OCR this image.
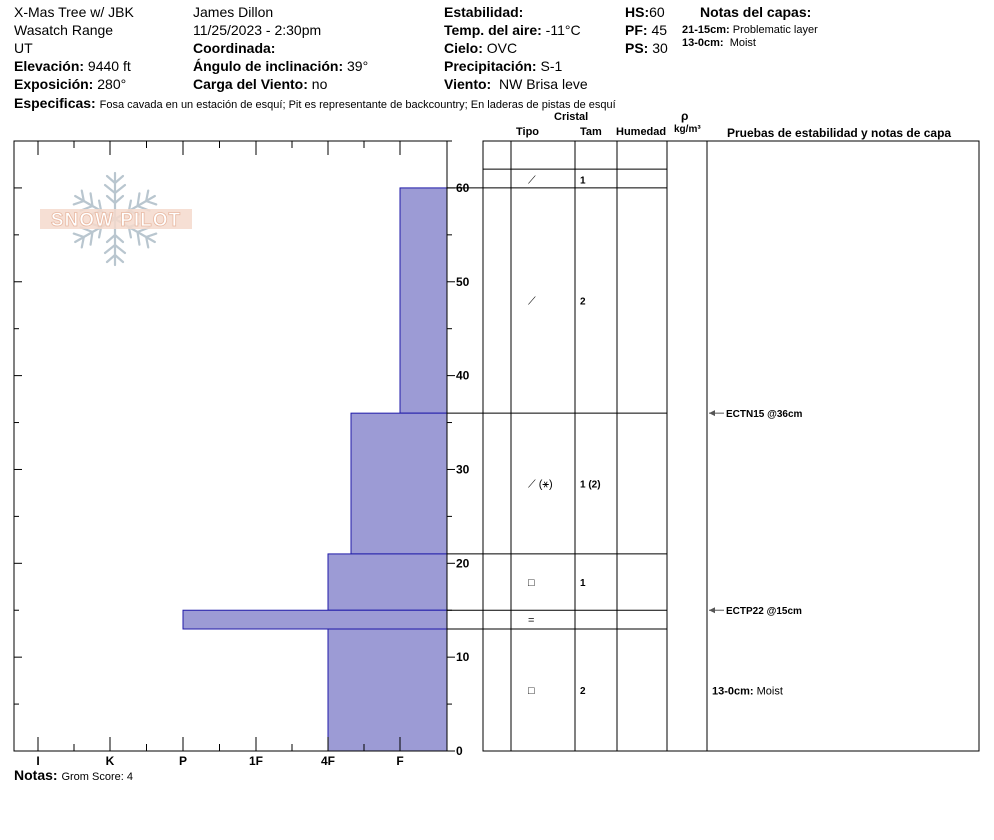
X-Mas Tree w/ JBK
Wasatch Range
UT
Elevación: 9440 ft
Exposición: 280°
James Dillon
11/25/2023 - 2:30pm
Coordinada:
Ángulo de inclinación: 39°
Carga del Viento: no
Estabilidad:
Temp. del aire: -11°C
Cielo: OVC
Precipitación: S-1
Viento: NW Brisa leve
HS:60
PF: 45
PS: 30
Notas del capas:
21-15cm: Problematic layer
13-0cm: Moist
Especificas: Fosa cavada en un estación de esquí; Pit es representante de backcountry; En laderas de pistas de esquí
Cristal
Tipo	Tam Humedad
ρ
kg/m³ Pruebas de estabilidad y notas de capa
SNOW PILOT
0
10
20
30
40
50
60
I	K	P	1F	4F	F
⟋	1
⟋	2
⟋ (⚹)	1 (2)
□	1
=
□	2
ECTN15 @36cm
ECTP22 @15cm
13-0cm: Moist
Notas: Grom Score: 4
